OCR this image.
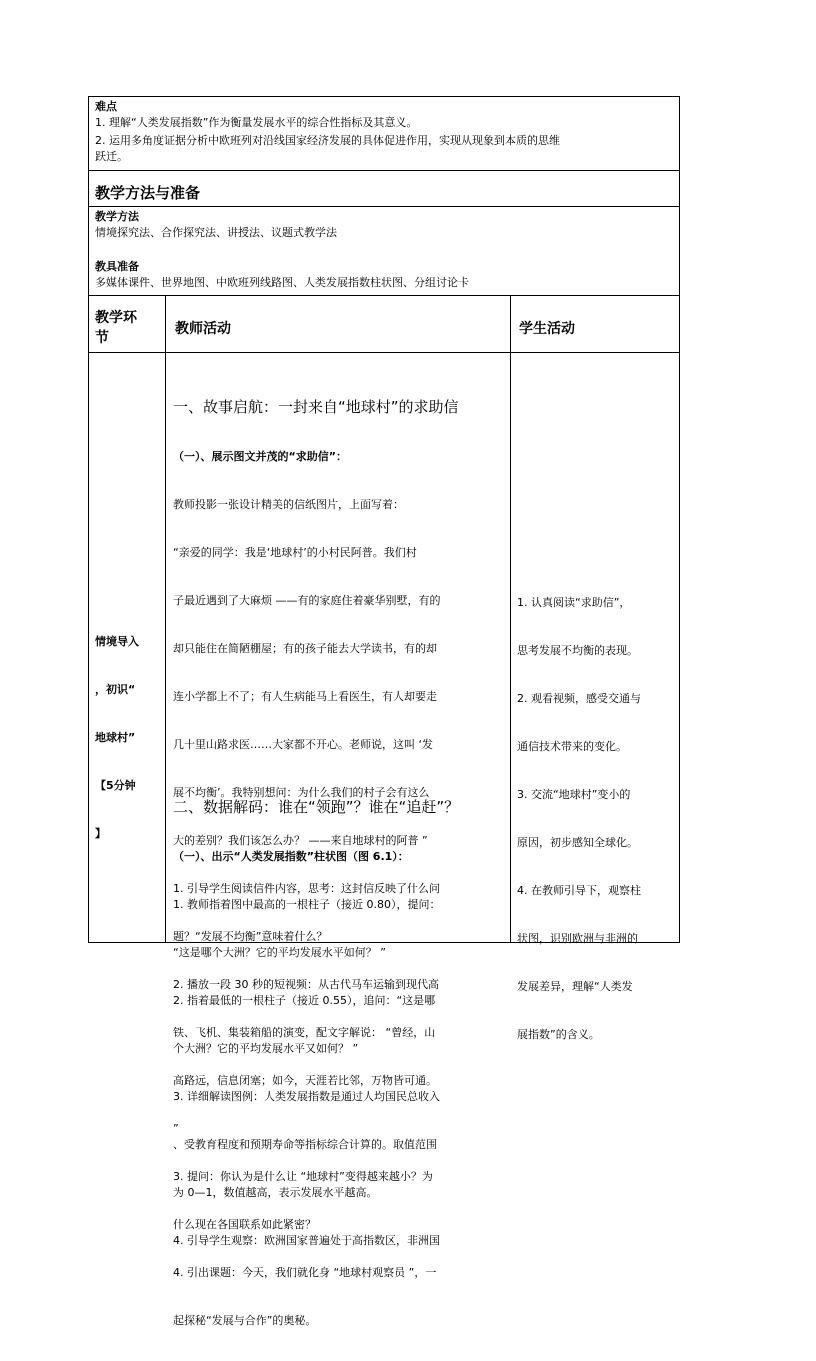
难点
1. 理解“人类发展指数”作为衡量发展水平的综合性指标及其意义。
2. 运用多角度证据分析中欧班列对沿线国家经济发展的具体促进作用，实现从现象到本质的思维
跃迁。
教学方法与准备
教学方法
情境探究法、合作探究法、讲授法、议题式教学法
教具准备
多媒体课件、世界地图、中欧班列线路图、人类发展指数柱状图、分组讨论卡
教学环
节
教师活动	学生活动

情境导入

，初识“

地球村”

【5分钟

】

一、故事启航：一封来自“地球村”的求助信

（一）、展示图文并茂的“求助信”：

教师投影一张设计精美的信纸图片，上面写着：

“亲爱的同学：我是‘地球村’的小村民阿普。我们村

子最近遇到了大麻烦 ——有的家庭住着豪华别墅，有的

却只能住在简陋棚屋；有的孩子能去大学读书，有的却

连小学都上不了；有人生病能马上看医生，有人却要走

几十里山路求医……大家都不开心。老师说，这叫 ‘发

展不均衡’。我特别想问：为什么我们的村子会有这么

大的差别？我们该怎么办？ ——来自地球村的阿普 ”

1. 引导学生阅读信件内容，思考：这封信反映了什么问

题？“发展不均衡”意味着什么？

2. 播放一段 30 秒的短视频：从古代马车运输到现代高

铁、飞机、集装箱船的演变，配文字解说： “曾经，山

高路远，信息闭塞；如今，天涯若比邻，万物皆可通。

”

3. 提问：你认为是什么让 “地球村”变得越来越小？为

什么现在各国联系如此紧密？

4. 引出课题：今天，我们就化身 “地球村观察员 ”，一

起探秘“发展与合作”的奥秘。

二、数据解码：谁在“领跑”？谁在“追赶”？

（一）、出示“人类发展指数”柱状图（图 6.1）：

1. 教师指着图中最高的一根柱子（接近 0.80），提问：

“这是哪个大洲？它的平均发展水平如何？ ”

2. 指着最低的一根柱子（接近 0.55），追问：“这是哪

个大洲？它的平均发展水平又如何？ ”

3. 详细解读图例：人类发展指数是通过人均国民总收入

、受教育程度和预期寿命等指标综合计算的。取值范围

为 0—1，数值越高，表示发展水平越高。

4. 引导学生观察：欧洲国家普遍处于高指数区，非洲国

1. 认真阅读“求助信”，

思考发展不均衡的表现。

2. 观看视频，感受交通与

通信技术带来的变化。

3. 交流“地球村”变小的

原因，初步感知全球化。

4. 在教师引导下，观察柱

状图，识别欧洲与非洲的

发展差异，理解“人类发

展指数”的含义。
